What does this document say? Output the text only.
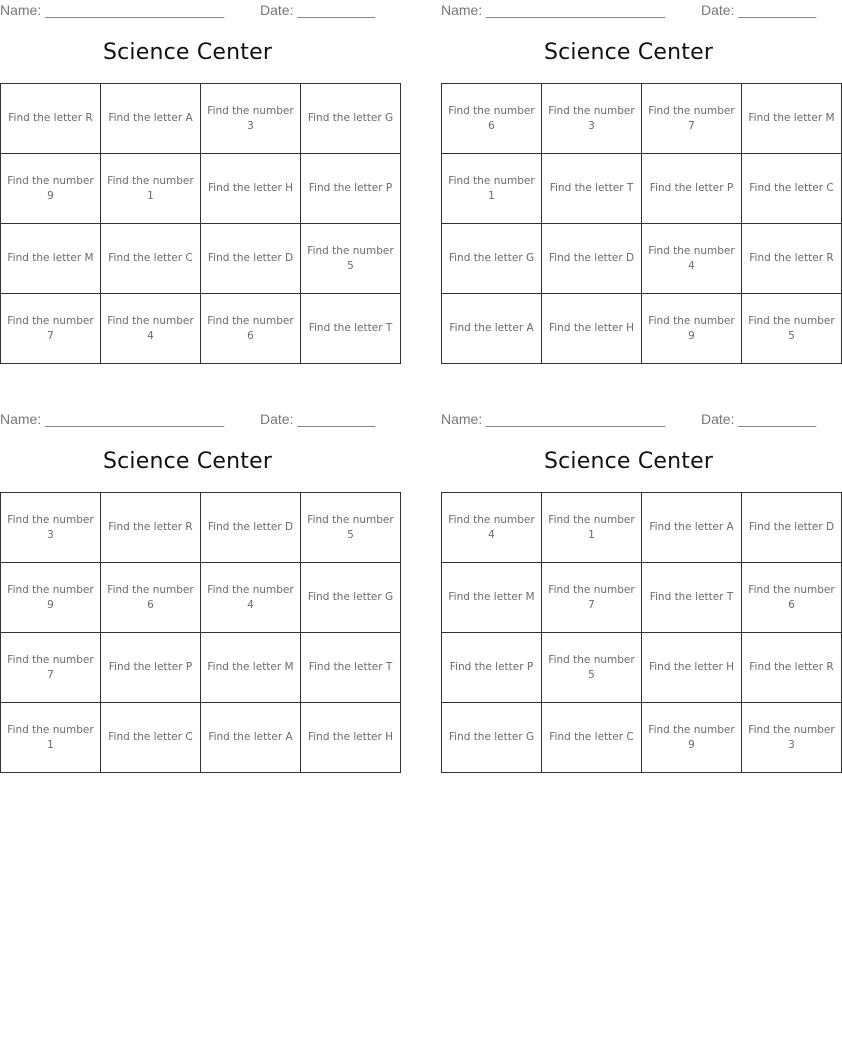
Name: _______________________	Date: __________
Science Center
Find the letter R	Find the letter A	Find the number 3	Find the letter G
Find the number 9	Find the number 1	Find the letter H	Find the letter P
Find the letter M	Find the letter C	Find the letter D	Find the number 5
Find the number 7	Find the number 4	Find the number 6	Find the letter T
Name: _______________________	Date: __________
Science Center
Find the number 6	Find the number 3	Find the number 7	Find the letter M
Find the number 1	Find the letter T	Find the letter P	Find the letter C
Find the letter G	Find the letter D	Find the number 4	Find the letter R
Find the letter A	Find the letter H	Find the number 9	Find the number 5
Name: _______________________	Date: __________
Science Center
Find the number 3	Find the letter R	Find the letter D	Find the number 5
Find the number 9	Find the number 6	Find the number 4	Find the letter G
Find the number 7	Find the letter P	Find the letter M	Find the letter T
Find the number 1	Find the letter C	Find the letter A	Find the letter H
Name: _______________________	Date: __________
Science Center
Find the number 4	Find the number 1	Find the letter A	Find the letter D
Find the letter M	Find the number 7	Find the letter T	Find the number 6
Find the letter P	Find the number 5	Find the letter H	Find the letter R
Find the letter G	Find the letter C	Find the number 9	Find the number 3
